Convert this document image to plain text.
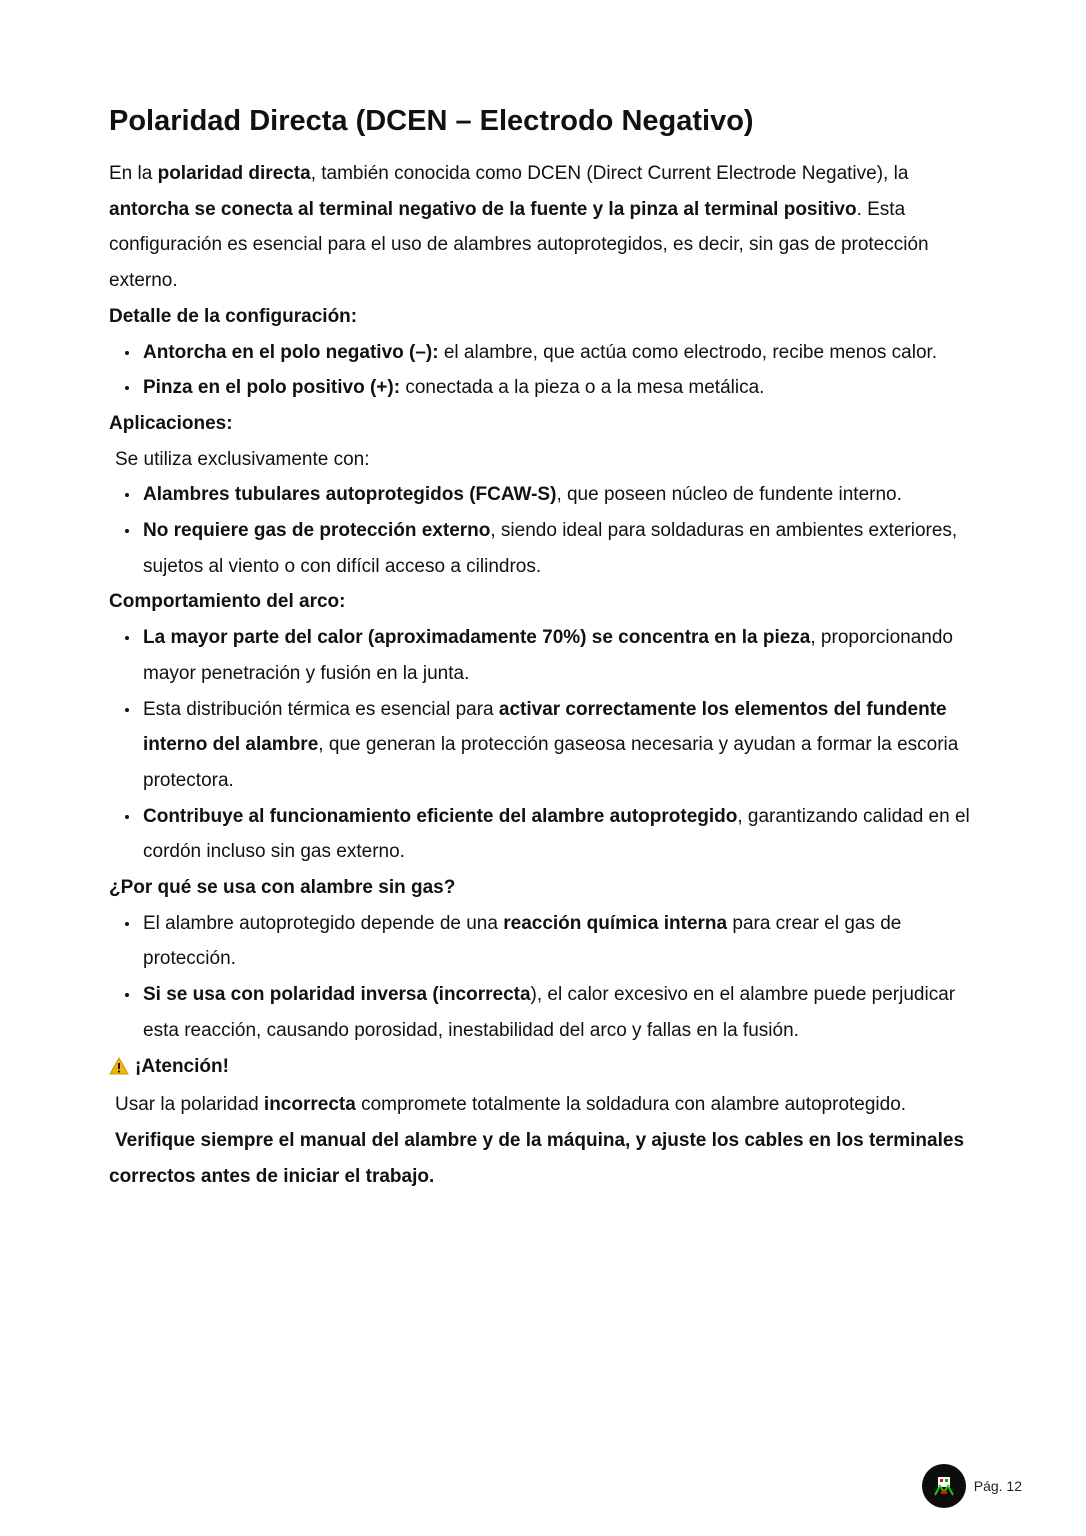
Polaridad Directa (DCEN – Electrodo Negativo)

En la polaridad directa, también conocida como DCEN (Direct Current Electrode Negative), la antorcha se conecta al terminal negativo de la fuente y la pinza al terminal positivo. Esta configuración es esencial para el uso de alambres autoprotegidos, es decir, sin gas de protección externo.

Detalle de la configuración:
Antorcha en el polo negativo (–): el alambre, que actúa como electrodo, recibe menos calor.
Pinza en el polo positivo (+): conectada a la pieza o a la mesa metálica.
Aplicaciones:

Se utiliza exclusivamente con:

Alambres tubulares autoprotegidos (FCAW-S), que poseen núcleo de fundente interno.
No requiere gas de protección externo, siendo ideal para soldaduras en ambientes exteriores, sujetos al viento o con difícil acceso a cilindros.
Comportamiento del arco:
La mayor parte del calor (aproximadamente 70%) se concentra en la pieza, proporcionando mayor penetración y fusión en la junta.
Esta distribución térmica es esencial para activar correctamente los elementos del fundente interno del alambre, que generan la protección gaseosa necesaria y ayudan a formar la escoria protectora.
Contribuye al funcionamiento eficiente del alambre autoprotegido, garantizando calidad en el cordón incluso sin gas externo.
¿Por qué se usa con alambre sin gas?
El alambre autoprotegido depende de una reacción química interna para crear el gas de protección.
Si se usa con polaridad inversa (incorrecta), el calor excesivo en el alambre puede perjudicar esta reacción, causando porosidad, inestabilidad del arco y fallas en la fusión.
¡Atención!

Usar la polaridad incorrecta compromete totalmente la soldadura con alambre autoprotegido.

Verifique siempre el manual del alambre y de la máquina, y ajuste los cables en los terminales correctos antes de iniciar el trabajo.

Pág. 12
